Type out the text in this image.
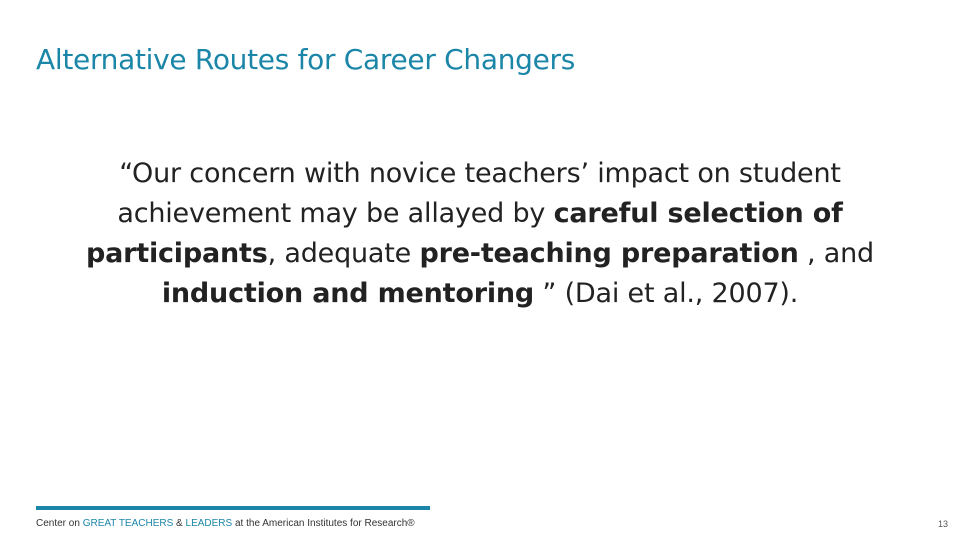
Alternative Routes for Career Changers

“Our concern with novice teachers’ impact on student achievement may be allayed by careful selection of participants, adequate pre-teaching preparation , and induction and mentoring ” (Dai et al., 2007).

Center on GREAT TEACHERS & LEADERS at the American Institutes for Research®	13
